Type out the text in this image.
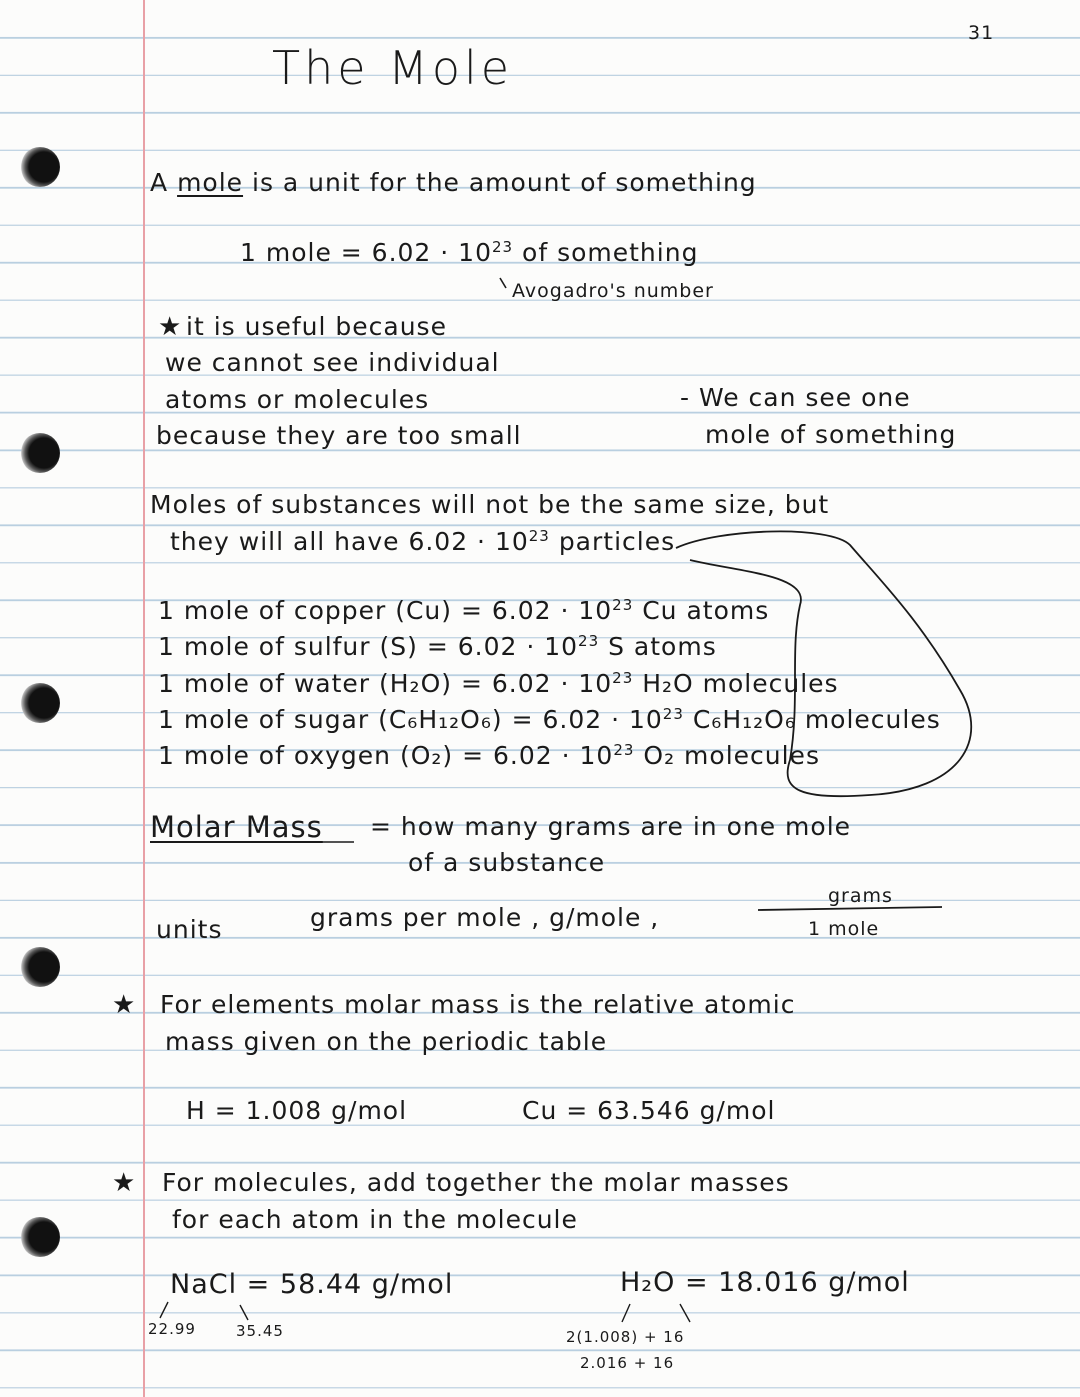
31
The Mole
A mole is a unit for the amount of something
1 mole = $6.02 \cdot 10^{23}$ of something
Avogadro's number
★ it is useful because
we cannot see individual
atoms or molecules
because they are too small
- We can see one
mole of something
Moles of substances will not be the same size, but
they will all have $6.02 \cdot 10^{23}$ particles
1 mole of copper $(Cu) = 6.02 \cdot 10^{23}$ Cu atoms
1 mole of sulfur $(S) = 6.02 \cdot 10^{23}$ S atoms
1 mole of water $(H_2O) = 6.02 \cdot 10^{23}$ H₂O molecules
1 mole of sugar $(C_6H_{12}O_6) = 6.02 \cdot 10^{23}$ C₆H₁₂O₆ molecules
1 mole of oxygen $(O_2) = 6.02 \cdot 10^{23}$ O₂ molecules
Molar Mass = how many grams are in one mole
of a substance
units	grams per mole , g/mole ,
grams
1 mole
★ For elements molar mass is the relative atomic
mass given on the periodic table
H = 1.008 g/mol	Cu = 63.546 g/mol
★ For molecules, add together the molar masses
for each atom in the molecule
NaCl = 58.44 g/mol
22.99	35.45
H₂O = 18.016 g/mol
2(1.008) + 16
2.016 + 16
